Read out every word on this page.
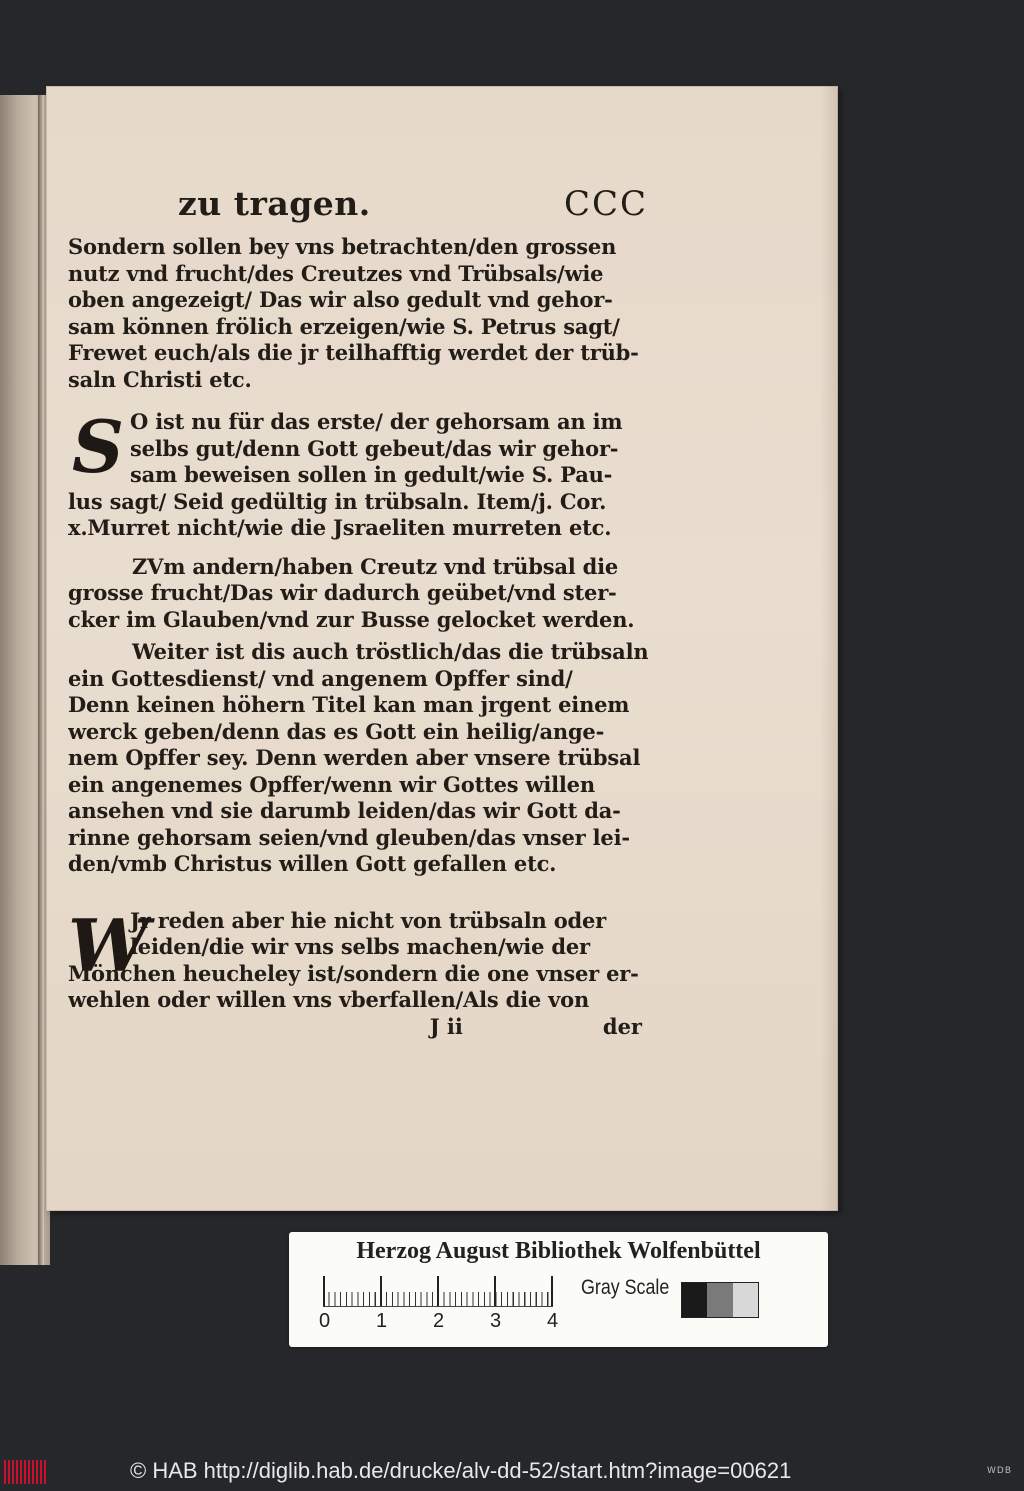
zu tragen.	CCC
Sondern sollen bey vns betrachten/den grossen
nutz vnd frucht/des Creutzes vnd Trübsals/wie
oben angezeigt/ Das wir also gedult vnd gehor-
sam können frölich erzeigen/wie S. Petrus sagt/
Frewet euch/als die jr teilhafftig werdet der trüb-
saln Christi etc.
S O ist nu für das erste/ der gehorsam an im
selbs gut/denn Gott gebeut/das wir gehor-
sam beweisen sollen in gedult/wie S. Pau-
lus sagt/ Seid gedültig in trübsaln. Item/j. Cor.
x.Murret nicht/wie die Jsraeliten murreten etc.
ZVm andern/haben Creutz vnd trübsal die
grosse frucht/Das wir dadurch geübet/vnd ster-
cker im Glauben/vnd zur Busse gelocket werden.
Weiter ist dis auch tröstlich/das die trübsaln
ein Gottesdienst/ vnd angenem Opffer sind/
Denn keinen höhern Titel kan man jrgent einem
werck geben/denn das es Gott ein heilig/ange-
nem Opffer sey. Denn werden aber vnsere trübsal
ein angenemes Opffer/wenn wir Gottes willen
ansehen vnd sie darumb leiden/das wir Gott da-
rinne gehorsam seien/vnd gleuben/das vnser lei-
den/vmb Christus willen Gott gefallen etc.
W
Jr reden aber hie nicht von trübsaln oder
leiden/die wir vns selbs machen/wie der
Mönchen heucheley ist/sondern die one vnser er-
wehlen oder willen vns vberfallen/Als die von
J ii	der
Herzog August Bibliothek Wolfenbüttel
0 1 2 3 4
Gray Scale
© HAB http://diglib.hab.de/drucke/alv-dd-52/start.htm?image=00621	WDB
